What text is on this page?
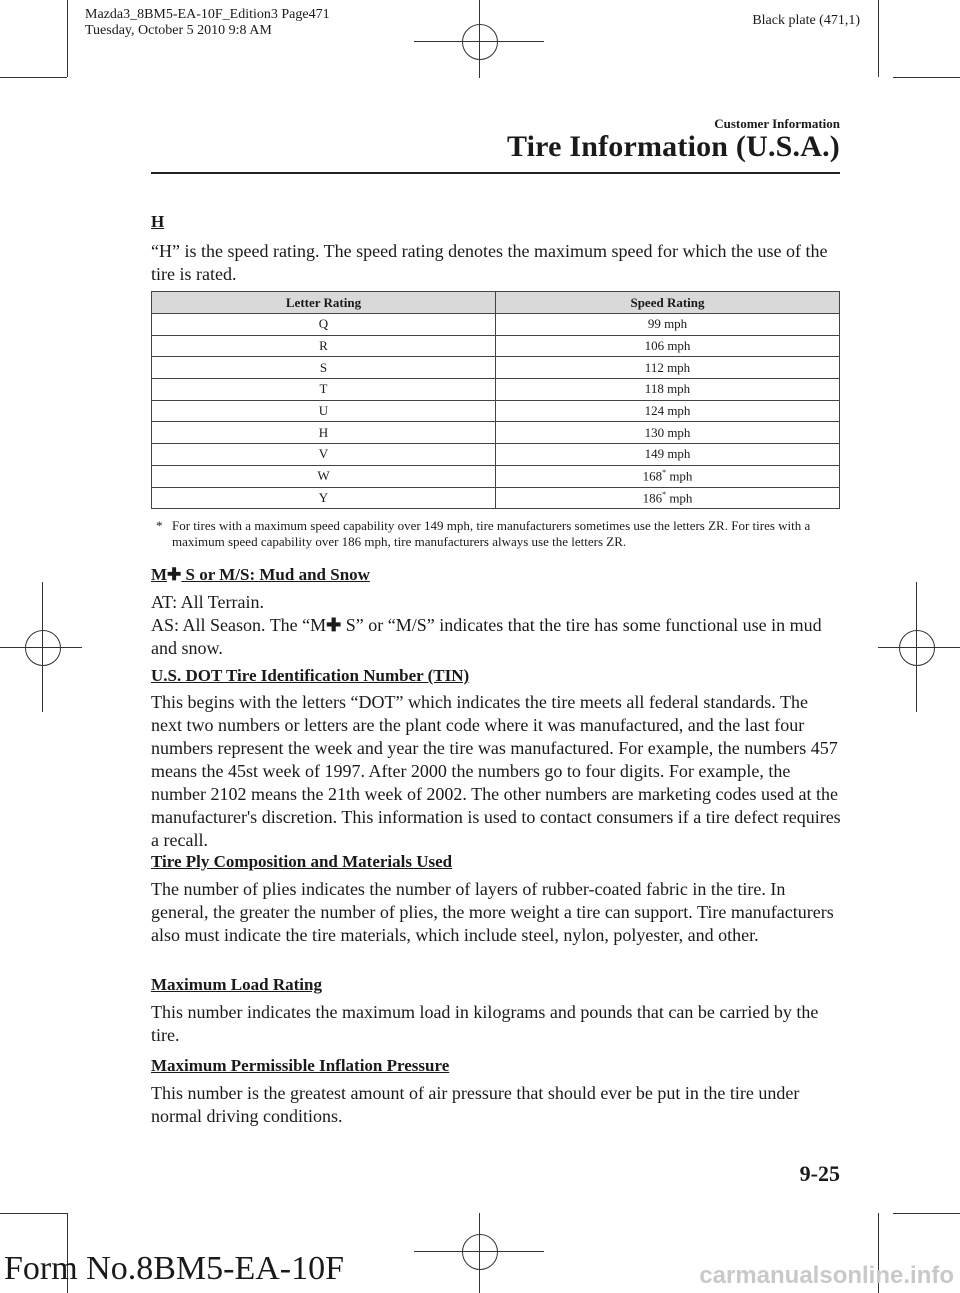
Mazda3_8BM5-EA-10F_Edition3 Page471
Tuesday, October 5 2010 9:8 AM
Black plate (471,1)
Customer Information
Tire Information (U.S.A.)

H

“H” is the speed rating. The speed rating denotes the maximum speed for which the use of the tire is rated.

Letter Rating	Speed Rating
Q	99 mph
R	106 mph
S	112 mph
T	118 mph
U	124 mph
H	130 mph
V	149 mph
W	168* mph
Y	186* mph
* For tires with a maximum speed capability over 149 mph, tire manufacturers sometimes use the letters ZR. For tires with a maximum speed capability over 186 mph, tire manufacturers always use the letters ZR.

M✚ S or M/S: Mud and Snow

AT: All Terrain.

AS: All Season. The “M✚ S” or “M/S” indicates that the tire has some functional use in mud and snow.

U.S. DOT Tire Identification Number (TIN)

This begins with the letters “DOT” which indicates the tire meets all federal standards. The next two numbers or letters are the plant code where it was manufactured, and the last four numbers represent the week and year the tire was manufactured. For example, the numbers 457 means the 45st week of 1997. After 2000 the numbers go to four digits. For example, the number 2102 means the 21th week of 2002. The other numbers are marketing codes used at the manufacturer's discretion. This information is used to contact consumers if a tire defect requires a recall.

Tire Ply Composition and Materials Used

The number of plies indicates the number of layers of rubber-coated fabric in the tire. In general, the greater the number of plies, the more weight a tire can support. Tire manufacturers also must indicate the tire materials, which include steel, nylon, polyester, and other.

Maximum Load Rating

This number indicates the maximum load in kilograms and pounds that can be carried by the tire.

Maximum Permissible Inflation Pressure

This number is the greatest amount of air pressure that should ever be put in the tire under normal driving conditions.

9-25
Form No.8BM5-EA-10F	carmanualsonline.info
